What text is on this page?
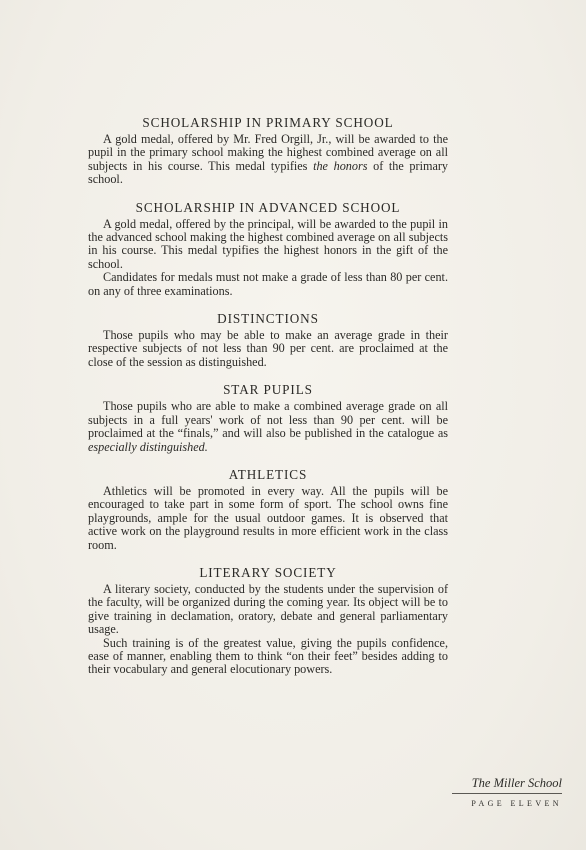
SCHOLARSHIP IN PRIMARY SCHOOL

A gold medal, offered by Mr. Fred Orgill, Jr., will be awarded to the pupil in the primary school making the highest combined average on all subjects in his course. This medal typifies the honors of the primary school.

SCHOLARSHIP IN ADVANCED SCHOOL

A gold medal, offered by the principal, will be awarded to the pupil in the advanced school making the highest combined average on all subjects in his course. This medal typifies the highest honors in the gift of the school.

Candidates for medals must not make a grade of less than 80 per cent. on any of three examinations.

DISTINCTIONS

Those pupils who may be able to make an average grade in their respective subjects of not less than 90 per cent. are proclaimed at the close of the session as distinguished.

STAR PUPILS

Those pupils who are able to make a combined average grade on all subjects in a full years' work of not less than 90 per cent. will be proclaimed at the “finals,” and will also be published in the catalogue as especially distinguished.

ATHLETICS

Athletics will be promoted in every way. All the pupils will be encouraged to take part in some form of sport. The school owns fine playgrounds, ample for the usual outdoor games. It is observed that active work on the playground results in more efficient work in the class room.

LITERARY SOCIETY

A literary society, conducted by the students under the supervision of the faculty, will be organized during the coming year. Its object will be to give training in declamation, oratory, debate and general parliamentary usage.

Such training is of the greatest value, giving the pupils confidence, ease of manner, enabling them to think “on their feet” besides adding to their vocabulary and general elocutionary powers.

The Miller School
PAGE ELEVEN
